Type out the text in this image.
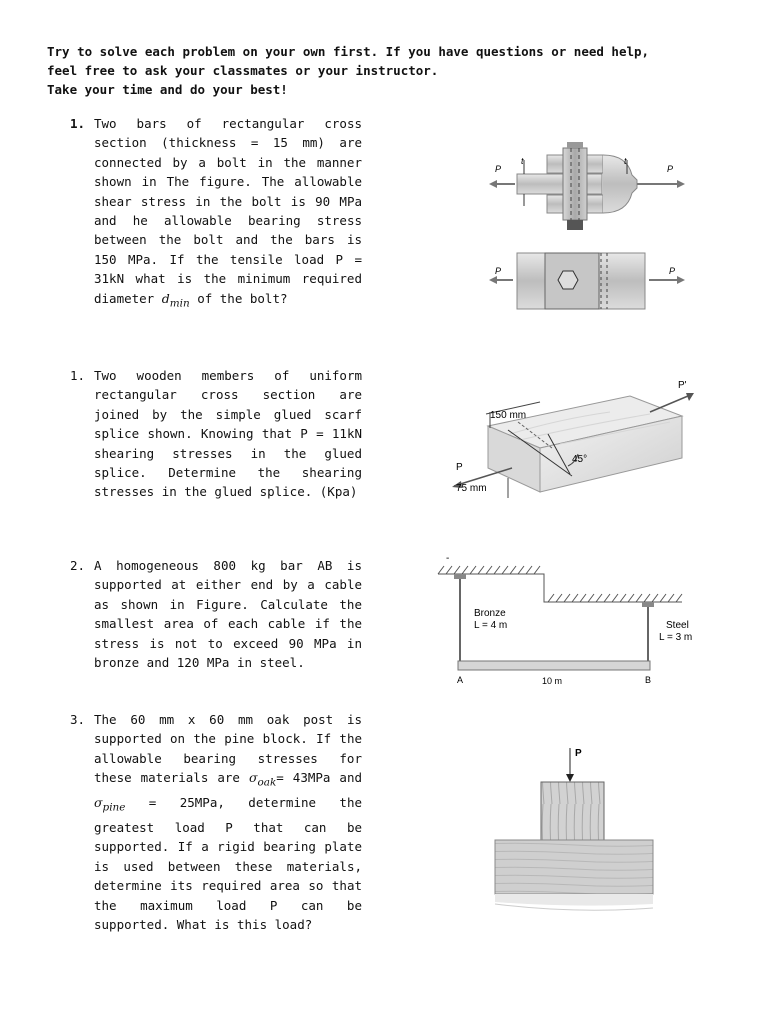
Try to solve each problem on your own first. If you have questions or need help,
feel free to ask your classmates or your instructor.
Take your time and do your best!
1. Two bars of rectangular cross section (thickness = 15 mm) are connected by a bolt in the manner shown in The figure. The allowable shear stress in the bolt is 90 MPa and he allowable bearing stress between the bolt and the bars is 150 MPa. If the tensile load P = 31kN what is the minimum required diameter $d_{min}$ of the bolt?
P	P
t	t
P	P
1. Two wooden members of uniform rectangular cross section are joined by the simple glued scarf splice shown. Knowing that P = 11kN shearing stresses in the glued splice. Determine the shearing stresses in the glued splice. (Kpa)
150 mm
75 mm
45°
P
P'
2. A homogeneous 800 kg bar AB is supported at either end by a cable as shown in Figure. Calculate the smallest area of each cable if the stress is not to exceed 90 MPa in bronze and 120 MPa in steel.
-
Bronze
L = 4 m	Steel
L = 3 m
A	B
10 m
3. The 60 mm x 60 mm oak post is supported on the pine block. If the allowable bearing stresses for these materials are $\sigma_{oak}= 43MPa$ and $\sigma_{pine} = 25MPa$, determine the greatest load P that can be supported. If a rigid bearing plate is used between these materials, determine its required area so that the maximum load P can be supported. What is this load?
P
